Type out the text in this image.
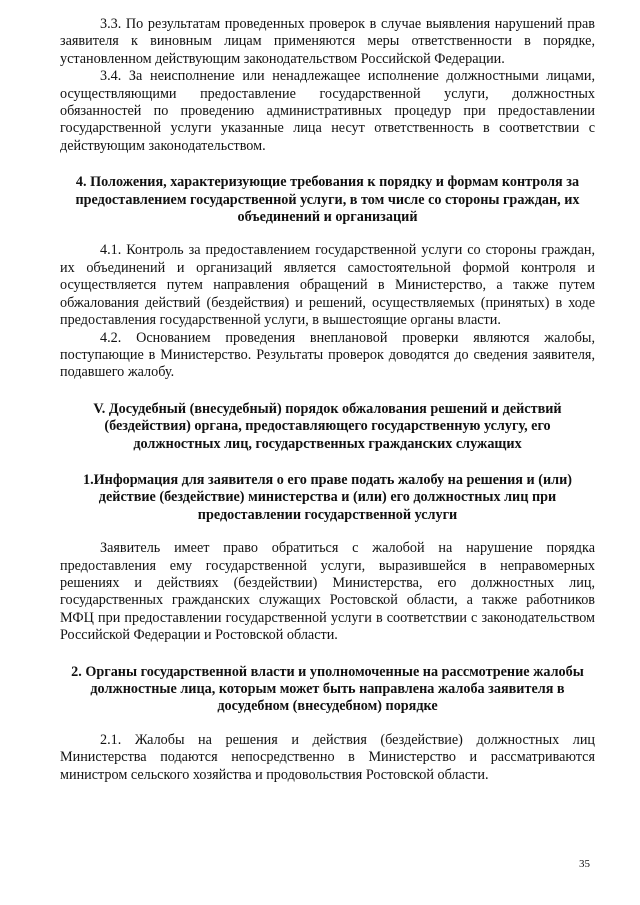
3.3. По результатам проведенных проверок в случае выявления нарушений прав заявителя к виновным лицам применяются меры ответственности в порядке, установленном действующим законодательством Российской Федерации.

3.4. За неисполнение или ненадлежащее исполнение должностными лицами, осуществляющими предоставление государственной услуги, должностных обязанностей по проведению административных процедур при предоставлении государственной услуги указанные лица несут ответственность в соответствии с действующим законодательством.

4. Положения, характеризующие требования к порядку и формам контроля за предоставлением государственной услуги, в том числе со стороны граждан, их объединений и организаций

4.1. Контроль за предоставлением государственной услуги со стороны граждан, их объединений и организаций является самостоятельной формой контроля и осуществляется путем направления обращений в Министерство, а также путем обжалования действий (бездействия) и решений, осуществляемых (принятых) в ходе предоставления государственной услуги, в вышестоящие органы власти.

4.2. Основанием проведения внеплановой проверки являются жалобы, поступающие в Министерство. Результаты проверок доводятся до сведения заявителя, подавшего жалобу.

V. Досудебный (внесудебный) порядок обжалования решений и действий (бездействия) органа, предоставляющего государственную услугу, его должностных лиц, государственных гражданских служащих
1.Информация для заявителя о его праве подать жалобу на решения и (или) действие (бездействие) министерства и (или) его должностных лиц при предоставлении государственной услуги

Заявитель имеет право обратиться с жалобой на нарушение порядка предоставления ему государственной услуги, выразившейся в неправомерных решениях и действиях (бездействии) Министерства, его должностных лиц, государственных гражданских служащих Ростовской области, а также работников МФЦ при предоставлении государственной услуги в соответствии с законодательством Российской Федерации и Ростовской области.

2. Органы государственной власти и уполномоченные на рассмотрение жалобы должностные лица, которым может быть направлена жалоба заявителя в досудебном (внесудебном) порядке

2.1. Жалобы на решения и действия (бездействие) должностных лиц Министерства подаются непосредственно в Министерство и рассматриваются министром сельского хозяйства и продовольствия Ростовской области.

35
